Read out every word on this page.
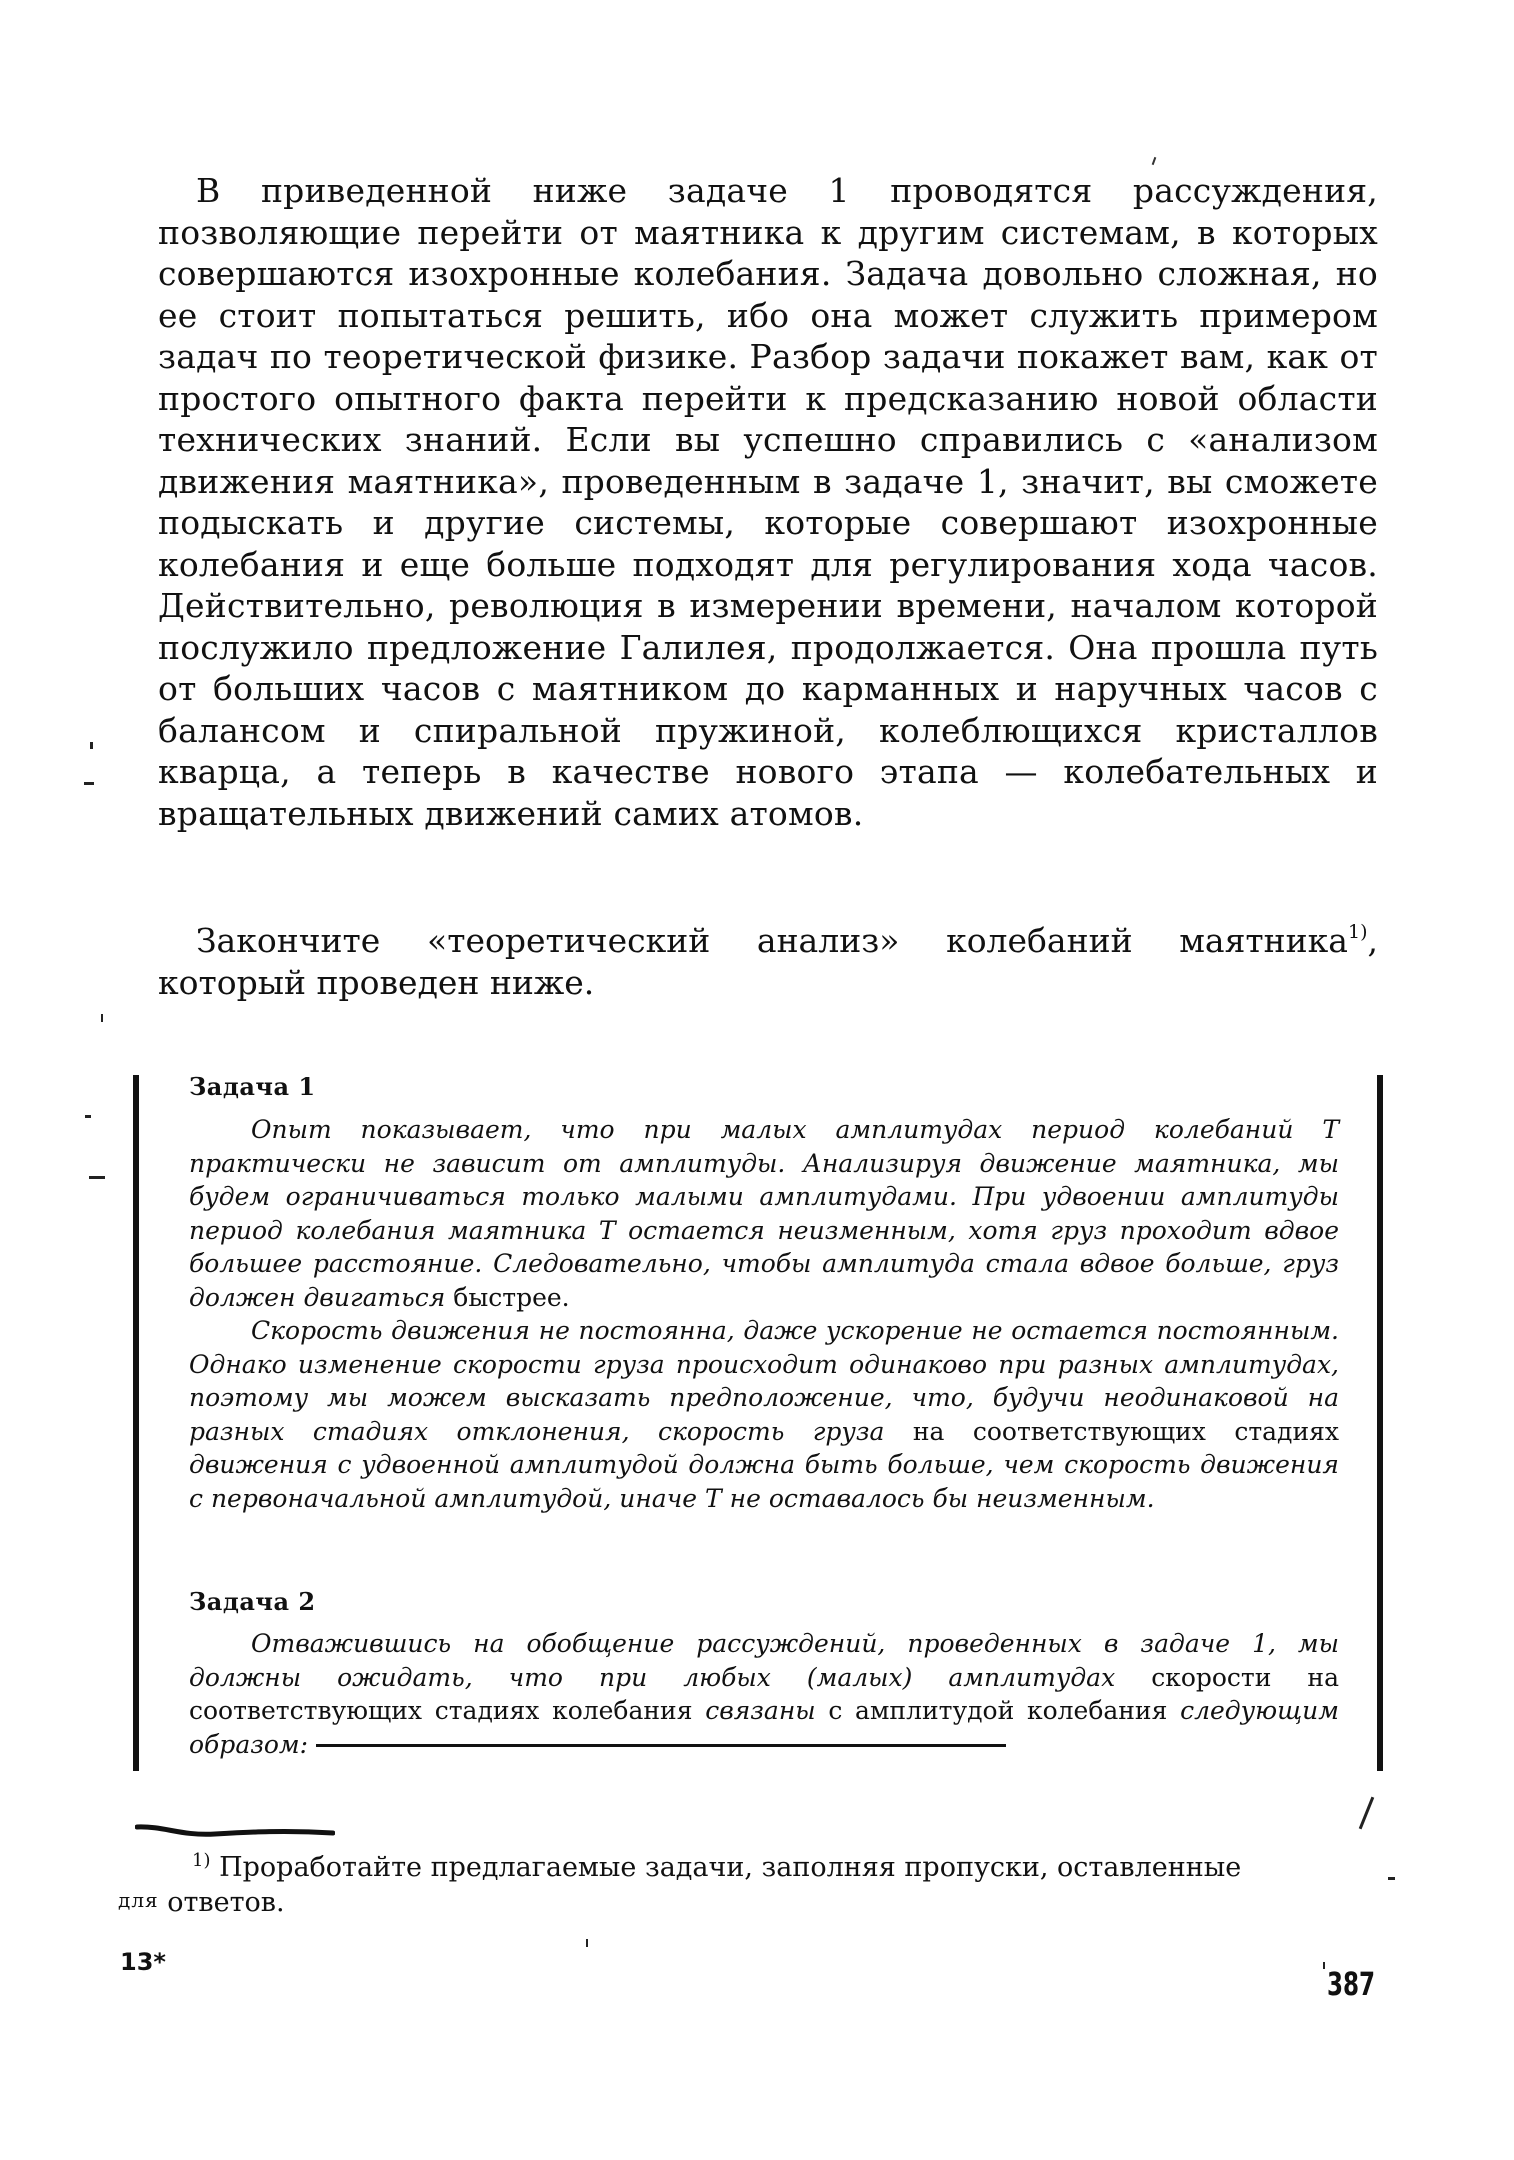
В приведенной ниже задаче 1 проводятся рассуждения, позволяющие перейти от маятника к другим системам, в которых совершаются изохронные колебания. Задача довольно сложная, но ее стоит попытаться решить, ибо она может служить примером задач по теоретической физике. Разбор задачи покажет вам, как от простого опытного факта перейти к предсказанию новой области технических знаний. Если вы успешно справились с «анализом движения маятника», проведенным в задаче 1, значит, вы сможете подыскать и другие системы, которые совершают изохронные колебания и еще больше подходят для регулирования хода часов. Действительно, революция в измерении времени, началом которой послужило предложение Галилея, продолжается. Она прошла путь от больших часов с маятником до карманных и наручных часов с балансом и спиральной пружиной, колеблющихся кристаллов кварца, а теперь в качестве нового этапа — колебательных и вращательных движений самих атомов.

Закончите «теоретический анализ» колебаний маятника$^{1)}$, который проведен ниже.

Задача 1

Опыт показывает, что при малых амплитудах период колебаний T практически не зависит от амплитуды. Анализируя движение маятника, мы будем ограничиваться только малыми амплитудами. При удвоении амплитуды период колебания маятника T остается неизменным, хотя груз проходит вдвое большее расстояние. Следовательно, чтобы амплитуда стала вдвое больше, груз должен двигаться быстрее.

Скорость движения не постоянна, даже ускорение не остается постоянным. Однако изменение скорости груза происходит одинаково при разных амплитудах, поэтому мы можем высказать предположение, что, будучи неодинаковой на разных стадиях отклонения, скорость груза на соответствующих стадиях движения с удвоенной амплитудой должна быть больше, чем скорость движения с первоначальной амплитудой, иначе T не оставалось бы неизменным.

Задача 2

Отважившись на обобщение рассуждений, проведенных в задаче 1, мы должны ожидать, что при любых (малых) амплитудах скорости на соответствующих стадиях колебания связаны с амплитудой колебания следующим образом:

$^{1)}$ Проработайте предлагаемые задачи, заполняя пропуски, оставленные
для ответов.
13*
387
